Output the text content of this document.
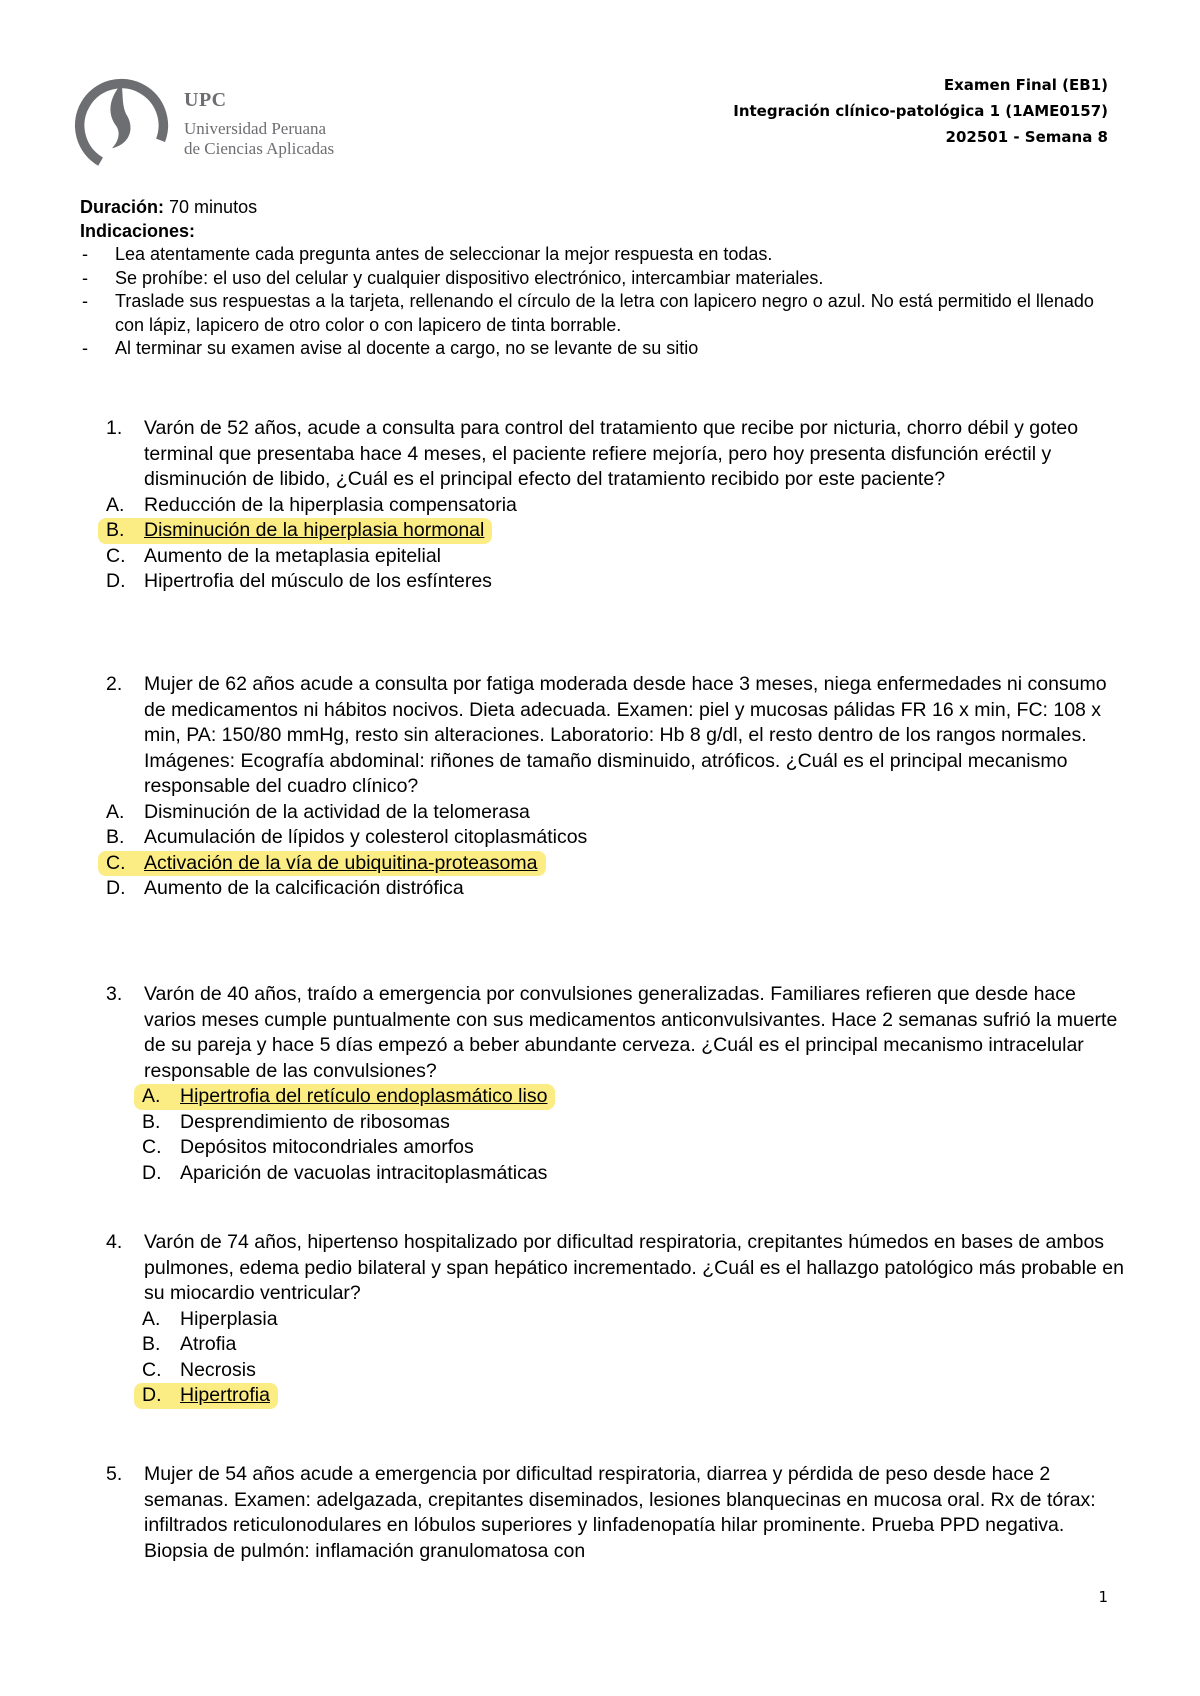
UPC
Universidad Peruana
de Ciencias Aplicadas
Examen Final (EB1)
Integración clínico-patológica 1 (1AME0157)
202501 - Semana 8
Duración: 70 minutos
Indicaciones:
- Lea atentamente cada pregunta antes de seleccionar la mejor respuesta en todas.
- Se prohíbe: el uso del celular y cualquier dispositivo electrónico, intercambiar materiales.
- Traslade sus respuestas a la tarjeta, rellenando el círculo de la letra con lapicero negro o azul. No está permitido el llenado con lápiz, lapicero de otro color o con lapicero de tinta borrable.
- Al terminar su examen avise al docente a cargo, no se levante de su sitio
1. Varón de 52 años, acude a consulta para control del tratamiento que recibe por nicturia, chorro débil y goteo terminal que presentaba hace 4 meses, el paciente refiere mejoría, pero hoy presenta disfunción eréctil y disminución de libido, ¿Cuál es el principal efecto del tratamiento recibido por este paciente?
A. Reducción de la hiperplasia compensatoria
B. Disminución de la hiperplasia hormonal
C. Aumento de la metaplasia epitelial
D. Hipertrofia del músculo de los esfínteres
2. Mujer de 62 años acude a consulta por fatiga moderada desde hace 3 meses, niega enfermedades ni consumo de medicamentos ni hábitos nocivos. Dieta adecuada. Examen: piel y mucosas pálidas FR 16 x min, FC: 108 x min, PA: 150/80 mmHg, resto sin alteraciones. Laboratorio: Hb 8 g/dl, el resto dentro de los rangos normales. Imágenes: Ecografía abdominal: riñones de tamaño disminuido, atróficos. ¿Cuál es el principal mecanismo responsable del cuadro clínico?
A. Disminución de la actividad de la telomerasa
B. Acumulación de lípidos y colesterol citoplasmáticos
C. Activación de la vía de ubiquitina-proteasoma
D. Aumento de la calcificación distrófica
3. Varón de 40 años, traído a emergencia por convulsiones generalizadas. Familiares refieren que desde hace varios meses cumple puntualmente con sus medicamentos anticonvulsivantes. Hace 2 semanas sufrió la muerte de su pareja y hace 5 días empezó a beber abundante cerveza. ¿Cuál es el principal mecanismo intracelular responsable de las convulsiones?
A. Hipertrofia del retículo endoplasmático liso
B. Desprendimiento de ribosomas
C. Depósitos mitocondriales amorfos
D. Aparición de vacuolas intracitoplasmáticas
4. Varón de 74 años, hipertenso hospitalizado por dificultad respiratoria, crepitantes húmedos en bases de ambos pulmones, edema pedio bilateral y span hepático incrementado. ¿Cuál es el hallazgo patológico más probable en su miocardio ventricular?
A. Hiperplasia
B. Atrofia
C. Necrosis
D. Hipertrofia
5. Mujer de 54 años acude a emergencia por dificultad respiratoria, diarrea y pérdida de peso desde hace 2 semanas. Examen: adelgazada, crepitantes diseminados, lesiones blanquecinas en mucosa oral. Rx de tórax: infiltrados reticulonodulares en lóbulos superiores y linfadenopatía hilar prominente. Prueba PPD negativa. Biopsia de pulmón: inflamación granulomatosa con
1
